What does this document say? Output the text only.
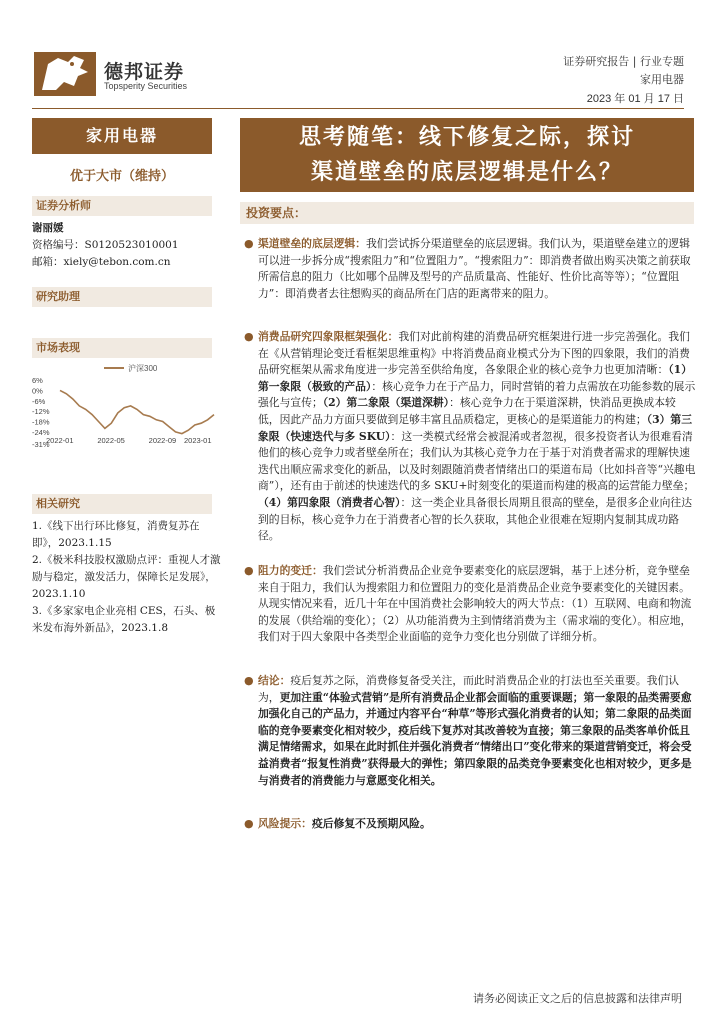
德邦证券
Topsperity Securities
证券研究报告 | 行业专题
家用电器
2023 年 01 月 17 日
家用电器
优于大市（维持）
证券分析师
谢丽媛
资格编号：S0120523010001
邮箱：xiely@tebon.com.cn
研究助理
市场表现
沪深300
6%
0%
-6%
-12%
-18%
-24%
-31%
2022-01	2022-05	2022-09 2023-01
相关研究
1.《线下出行环比修复，消费复苏在即》，2023.1.15
2.《极米科技股权激励点评：重视人才激励与稳定，激发活力，保障长足发展》，2023.1.10
3.《多家家电企业亮相 CES，石头、极米发布海外新品》，2023.1.8
思考随笔：线下修复之际，探讨
渠道壁垒的底层逻辑是什么？
投资要点：
● 渠道壁垒的底层逻辑：我们尝试拆分渠道壁垒的底层逻辑。我们认为，渠道壁垒建立的逻辑可以进一步拆分成“搜索阻力”和“位置阻力”。“搜索阻力”：即消费者做出购买决策之前获取所需信息的阻力（比如哪个品牌及型号的产品质量高、性能好、性价比高等等）；“位置阻力”：即消费者去往想购买的商品所在门店的距离带来的阻力。
● 消费品研究四象限框架强化：我们对此前构建的消费品研究框架进行进一步完善强化。我们在《从营销理论变迁看框架思维重构》中将消费品商业模式分为下图的四象限，我们的消费品研究框架从需求角度进一步完善至供给角度，各象限企业的核心竞争力也更加清晰：（1）第一象限（极致的产品）：核心竞争力在于产品力，同时营销的着力点需放在功能参数的展示强化与宣传；（2）第二象限（渠道深耕）：核心竞争力在于渠道深耕，快消品更换成本较低，因此产品力方面只要做到足够丰富且品质稳定，更核心的是渠道能力的构建；（3）第三象限（快速迭代与多 SKU）：这一类模式经常会被混淆或者忽视，很多投资者认为很难看清他们的核心竞争力或者壁垒所在；我们认为其核心竞争力在于基于对消费者需求的理解快速迭代出顺应需求变化的新品，以及时刻跟随消费者情绪出口的渠道布局（比如抖音等“兴趣电商”），还有由于前述的快速迭代的多 SKU+时刻变化的渠道而构建的极高的运营能力壁垒；（4）第四象限（消费者心智）：这一类企业具备很长周期且很高的壁垒，是很多企业向往达到的目标，核心竞争力在于消费者心智的长久获取，其他企业很难在短期内复制其成功路径。
● 阻力的变迁：我们尝试分析消费品企业竞争要素变化的底层逻辑，基于上述分析，竞争壁垒来自于阻力，我们认为搜索阻力和位置阻力的变化是消费品企业竞争要素变化的关键因素。从现实情况来看，近几十年在中国消费社会影响较大的两大节点：（1）互联网、电商和物流的发展（供给端的变化）；（2）从功能消费为主到情绪消费为主（需求端的变化）。相应地，我们对于四大象限中各类型企业面临的竞争力变化也分别做了详细分析。
● 结论：疫后复苏之际，消费修复备受关注，而此时消费品企业的打法也至关重要。我们认为，更加注重“体验式营销”是所有消费品企业都会面临的重要课题；第一象限的品类需要愈加强化自己的产品力，并通过内容平台“种草”等形式强化消费者的认知；第二象限的品类面临的竞争要素变化相对较少，疫后线下复苏对其改善较为直接；第三象限的品类客单价低且满足情绪需求，如果在此时抓住并强化消费者“情绪出口”变化带来的渠道营销变迁，将会受益消费者“报复性消费”获得最大的弹性；第四象限的品类竞争要素变化也相对较少，更多是与消费者的消费能力与意愿变化相关。
● 风险提示：疫后修复不及预期风险。
请务必阅读正文之后的信息披露和法律声明
